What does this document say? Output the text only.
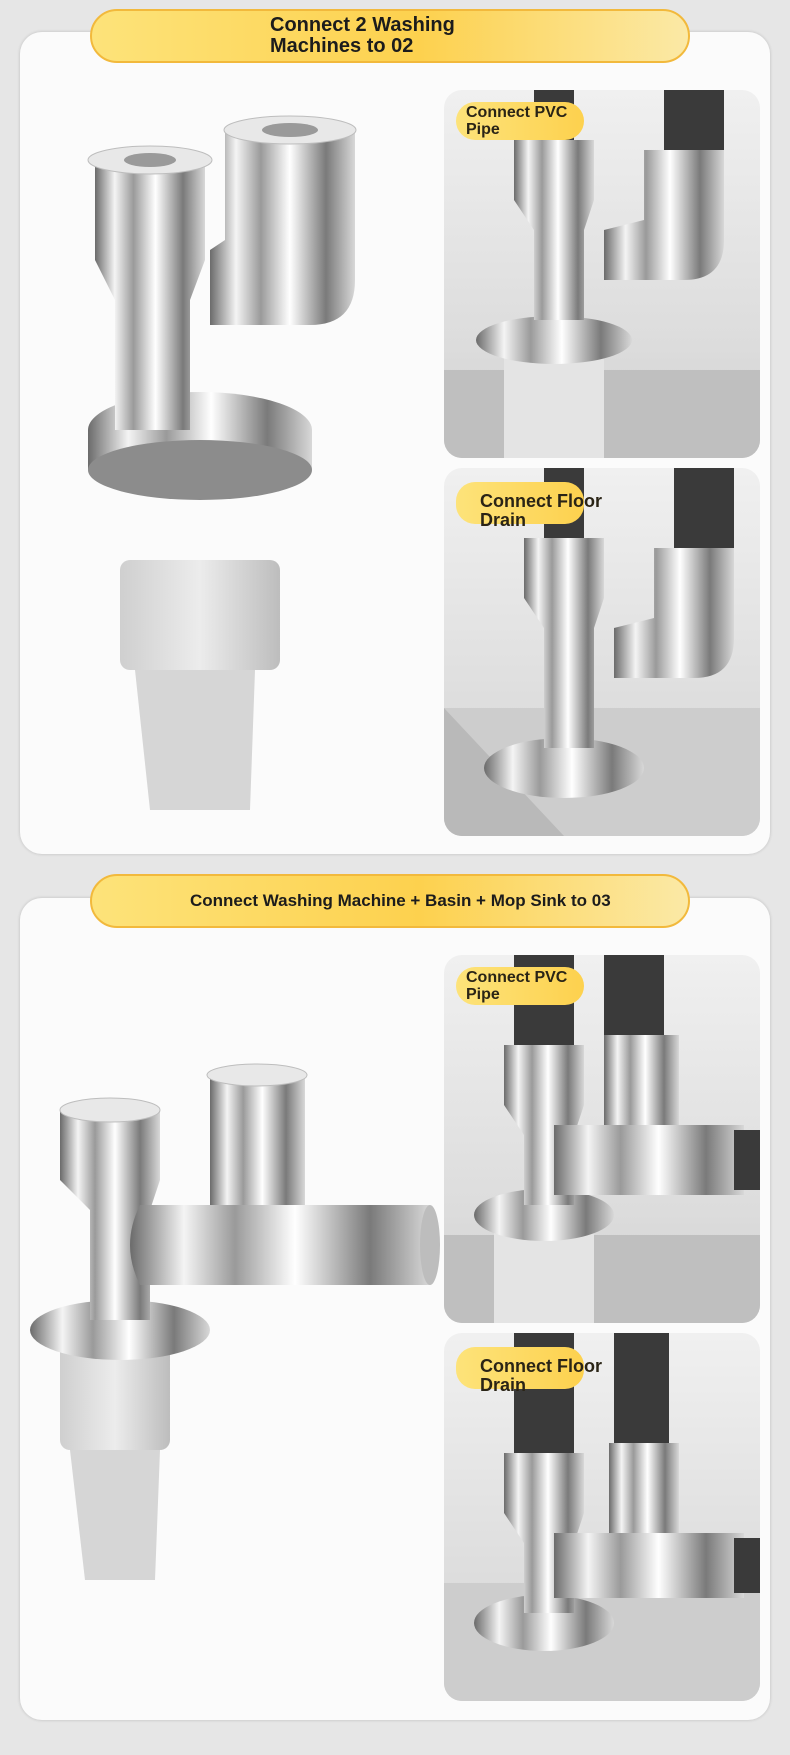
Connect 2 Washing
Machines to 02
Connect PVC
Pipe
Connect Floor
Drain
Connect Washing Machine + Basin + Mop Sink to 03
Connect PVC
Pipe
Connect Floor
Drain
